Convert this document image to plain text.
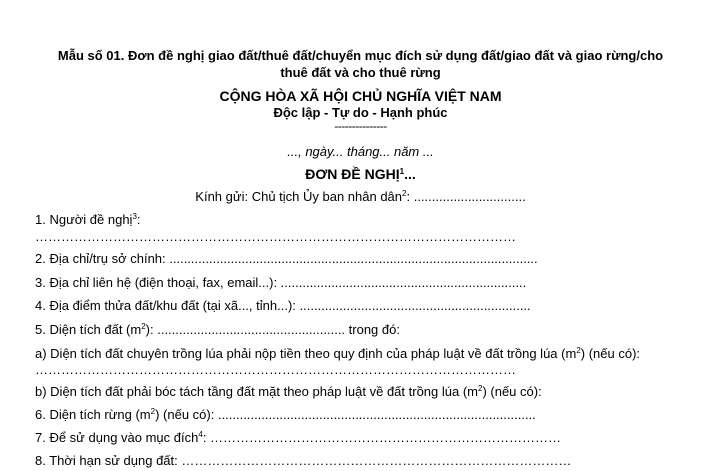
Mẫu số 01. Đơn đề nghị giao đất/thuê đất/chuyển mục đích sử dụng đất/giao đất và giao rừng/cho
thuê đất và cho thuê rừng
CỘNG HÒA XÃ HỘI CHỦ NGHĨA VIỆT NAM
Độc lập - Tự do - Hạnh phúc
---------------
..., ngày... tháng... năm ...
ĐƠN ĐỀ NGHỊ$^1$...
Kính gửi: Chủ tịch Ủy ban nhân dân$^2$: ...............................
1. Người đề nghị$^3$:
…………………………………………………………………………………………………
2. Địa chỉ/trụ sở chính: ......................................................................................................
3. Địa chỉ liên hệ (điện thoại, fax, email...): ....................................................................
4. Địa điểm thửa đất/khu đất (tại xã..., tỉnh...): ................................................................
5. Diện tích đất $(m^2)$: .................................................... trong đó:
a) Diện tích đất chuyên trồng lúa phải nộp tiền theo quy định của pháp luật về đất trồng lúa $(m^2)$ (nếu có):
…………………………………………………………………………………………………
b) Diện tích đất phải bóc tách tầng đất mặt theo pháp luật về đất trồng lúa $(m^2)$ (nếu có):
6. Diện tích rừng $(m^2)$ (nếu có): ........................................................................................
7. Để sử dụng vào mục đích$^4$: ………………………………………………………………………
8. Thời hạn sử dụng đất: ………………………………………………………………………………
